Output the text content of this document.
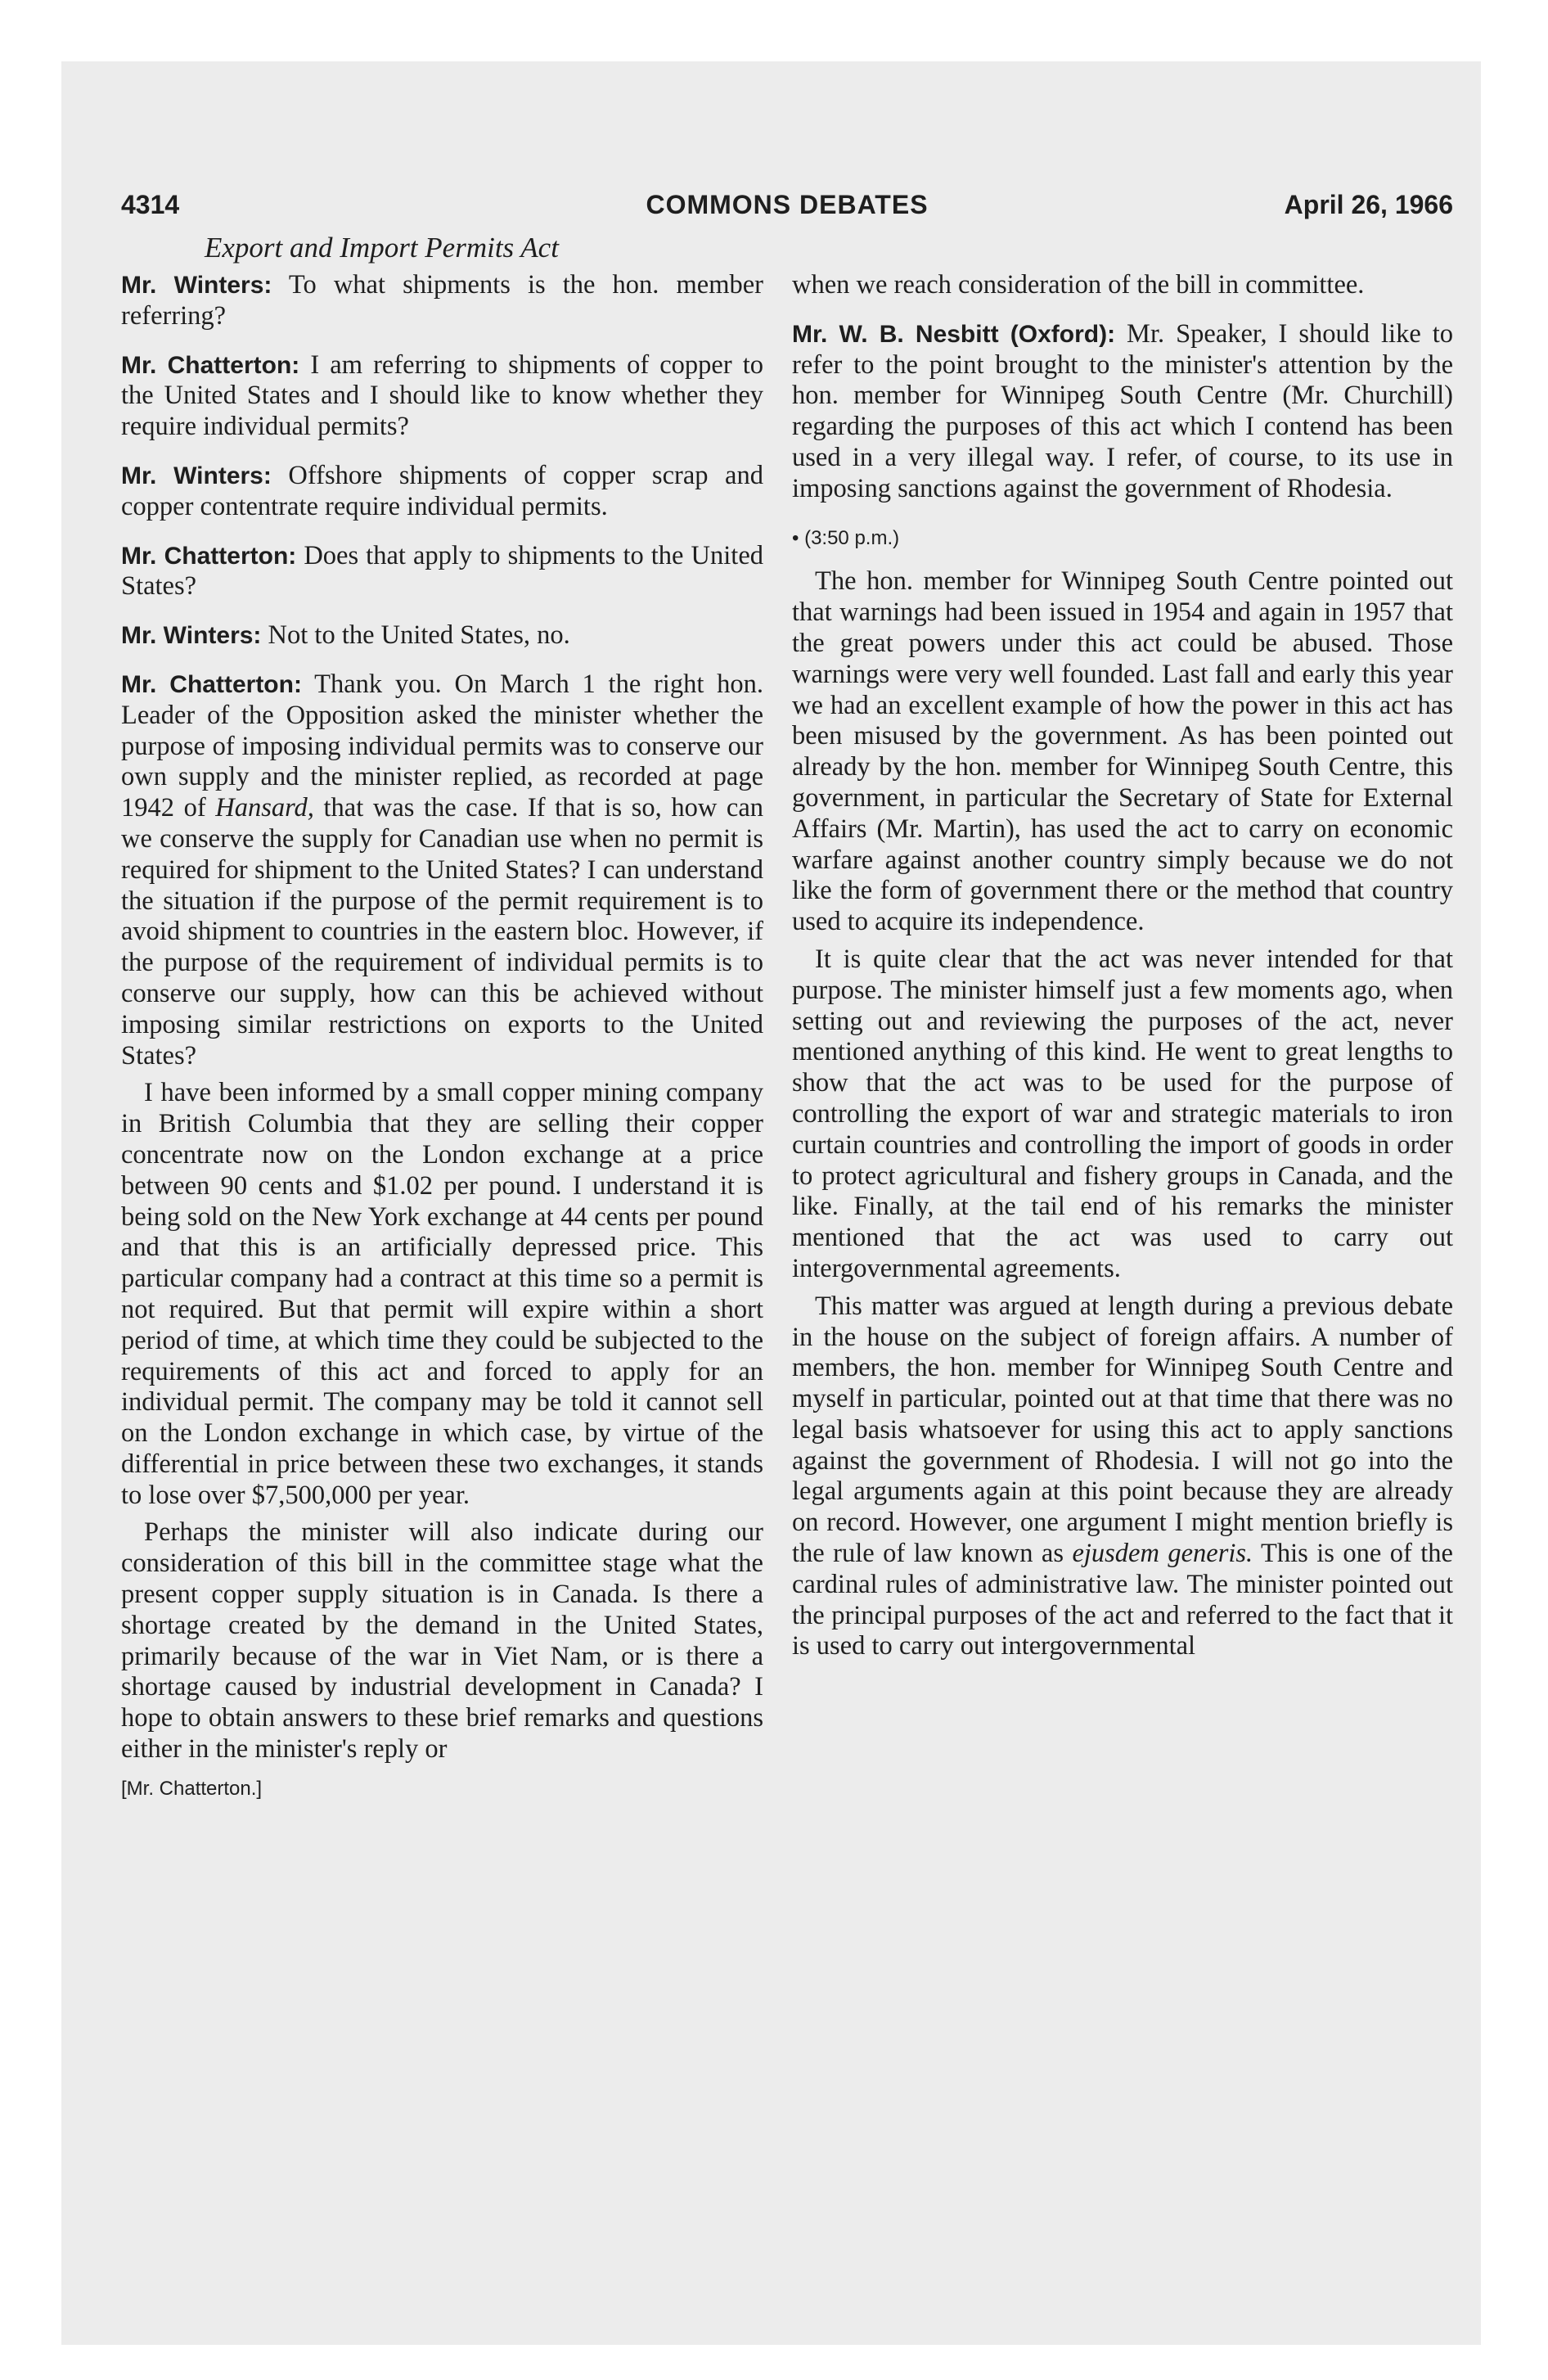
4314	COMMONS DEBATES	April 26, 1966
Export and Import Permits Act

Mr. Winters: To what shipments is the hon. member referring?

Mr. Chatterton: I am referring to shipments of copper to the United States and I should like to know whether they require individual permits?

Mr. Winters: Offshore shipments of copper scrap and copper contentrate require individual permits.

Mr. Chatterton: Does that apply to shipments to the United States?

Mr. Winters: Not to the United States, no.

Mr. Chatterton: Thank you. On March 1 the right hon. Leader of the Opposition asked the minister whether the purpose of imposing individual permits was to conserve our own supply and the minister replied, as recorded at page 1942 of Hansard, that was the case. If that is so, how can we conserve the supply for Canadian use when no permit is required for shipment to the United States? I can understand the situation if the purpose of the permit requirement is to avoid shipment to countries in the eastern bloc. However, if the purpose of the requirement of individual permits is to conserve our supply, how can this be achieved without imposing similar restrictions on exports to the United States?

I have been informed by a small copper mining company in British Columbia that they are selling their copper concentrate now on the London exchange at a price between 90 cents and $1.02 per pound. I understand it is being sold on the New York exchange at 44 cents per pound and that this is an artificially depressed price. This particular company had a contract at this time so a permit is not required. But that permit will expire within a short period of time, at which time they could be subjected to the requirements of this act and forced to apply for an individual permit. The company may be told it cannot sell on the London exchange in which case, by virtue of the differential in price between these two exchanges, it stands to lose over $7,500,000 per year.

Perhaps the minister will also indicate during our consideration of this bill in the committee stage what the present copper supply situation is in Canada. Is there a shortage created by the demand in the United States, primarily because of the war in Viet Nam, or is there a shortage caused by industrial development in Canada? I hope to obtain answers to these brief remarks and questions either in the minister's reply or

[Mr. Chatterton.]

when we reach consideration of the bill in committee.

Mr. W. B. Nesbitt (Oxford): Mr. Speaker, I should like to refer to the point brought to the minister's attention by the hon. member for Winnipeg South Centre (Mr. Churchill) regarding the purposes of this act which I contend has been used in a very illegal way. I refer, of course, to its use in imposing sanctions against the government of Rhodesia.

• (3:50 p.m.)

The hon. member for Winnipeg South Centre pointed out that warnings had been issued in 1954 and again in 1957 that the great powers under this act could be abused. Those warnings were very well founded. Last fall and early this year we had an excellent example of how the power in this act has been misused by the government. As has been pointed out already by the hon. member for Winnipeg South Centre, this government, in particular the Secretary of State for External Affairs (Mr. Martin), has used the act to carry on economic warfare against another country simply because we do not like the form of government there or the method that country used to acquire its independence.

It is quite clear that the act was never intended for that purpose. The minister himself just a few moments ago, when setting out and reviewing the purposes of the act, never mentioned anything of this kind. He went to great lengths to show that the act was to be used for the purpose of controlling the export of war and strategic materials to iron curtain countries and controlling the import of goods in order to protect agricultural and fishery groups in Canada, and the like. Finally, at the tail end of his remarks the minister mentioned that the act was used to carry out intergovernmental agreements.

This matter was argued at length during a previous debate in the house on the subject of foreign affairs. A number of members, the hon. member for Winnipeg South Centre and myself in particular, pointed out at that time that there was no legal basis whatsoever for using this act to apply sanctions against the government of Rhodesia. I will not go into the legal arguments again at this point because they are already on record. However, one argument I might mention briefly is the rule of law known as ejusdem generis. This is one of the cardinal rules of administrative law. The minister pointed out the principal purposes of the act and referred to the fact that it is used to carry out intergovernmental
